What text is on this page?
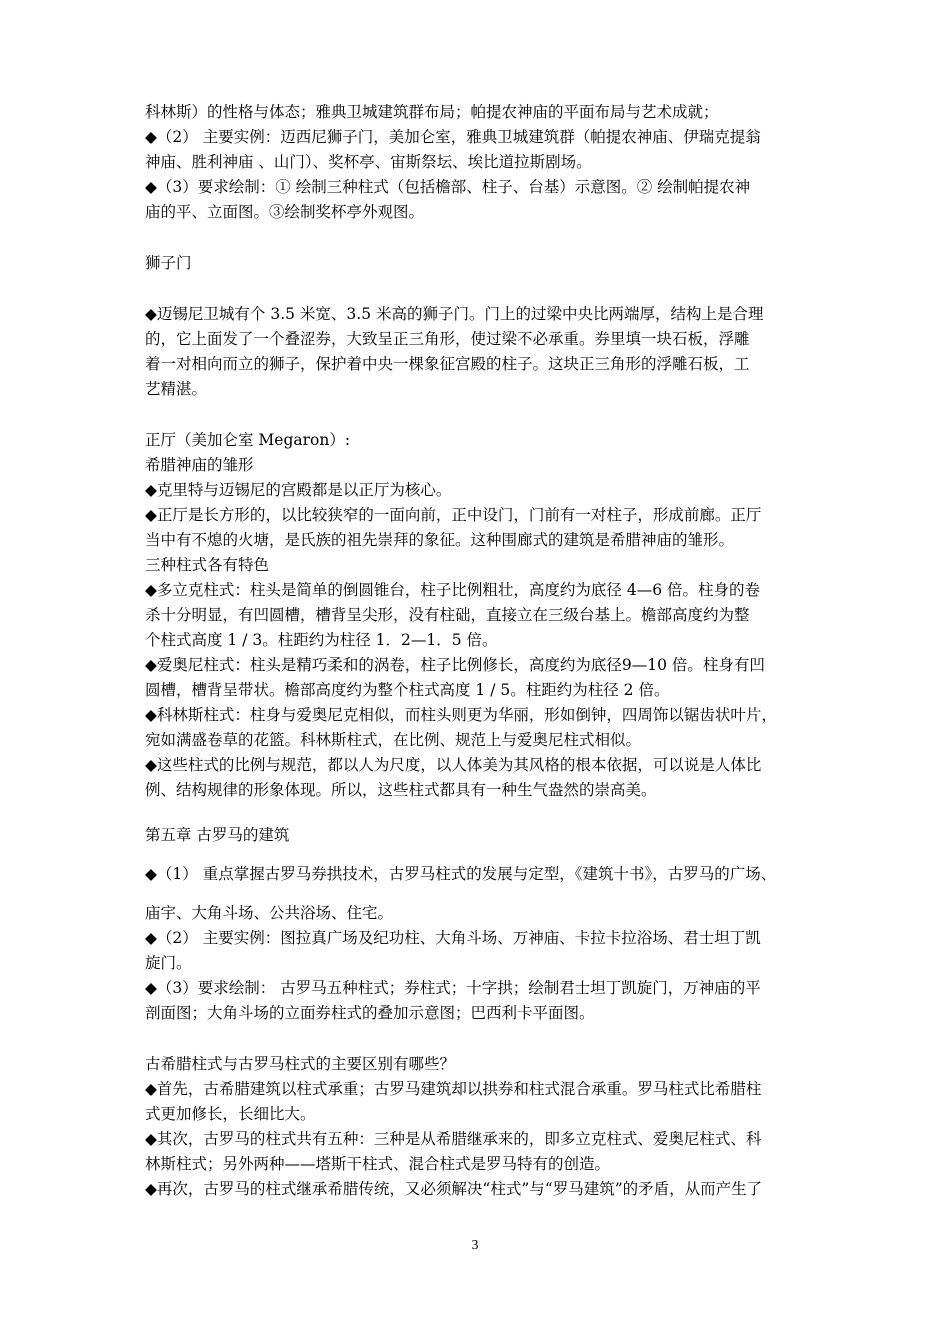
科林斯）的性格与体态；雅典卫城建筑群布局；帕提农神庙的平面布局与艺术成就；
◆（2） 主要实例：迈西尼狮子门，美加仑室，雅典卫城建筑群（帕提农神庙、伊瑞克提翁
神庙、胜利神庙 、山门）、奖杯亭、宙斯祭坛、埃比道拉斯剧场。
◆（3）要求绘制：① 绘制三种柱式（包括檐部、柱子、台基）示意图。② 绘制帕提农神
庙的平、立面图。③绘制奖杯亭外观图。
狮子门
◆迈锡尼卫城有个 3.5 米宽、3.5 米高的狮子门。门上的过梁中央比两端厚，结构上是合理
的，它上面发了一个叠涩券，大致呈正三角形，使过梁不必承重。券里填一块石板，浮雕
着一对相向而立的狮子，保护着中央一棵象征宫殿的柱子。这块正三角形的浮雕石板，工
艺精湛。
正厅（美加仑室 Megaron）:
希腊神庙的雏形
◆克里特与迈锡尼的宫殿都是以正厅为核心。
◆正厅是长方形的，以比较狭窄的一面向前，正中设门，门前有一对柱子，形成前廊。正厅
当中有不熄的火塘，是氏族的祖先崇拜的象征。这种围廊式的建筑是希腊神庙的雏形。
三种柱式各有特色
◆多立克柱式：柱头是简单的倒圆锥台，柱子比例粗壮，高度约为底径 4—6 倍。柱身的卷
杀十分明显，有凹圆槽，槽背呈尖形，没有柱础，直接立在三级台基上。檐部高度约为整
个柱式高度 1 / 3。柱距约为柱径 1．2—1．5 倍。
◆爱奥尼柱式：柱头是精巧柔和的涡卷，柱子比例修长，高度约为底径9—10 倍。柱身有凹
圆槽，槽背呈带状。檐部高度约为整个柱式高度 1 / 5。柱距约为柱径 2 倍。
◆科林斯柱式：柱身与爱奥尼克相似，而柱头则更为华丽，形如倒钟，四周饰以锯齿状叶片，
宛如满盛卷草的花篮。科林斯柱式，在比例、规范上与爱奥尼柱式相似。
◆这些柱式的比例与规范，都以人为尺度，以人体美为其风格的根本依据，可以说是人体比
例、结构规律的形象体现。所以，这些柱式都具有一种生气盎然的崇高美。
第五章 古罗马的建筑
◆（1） 重点掌握古罗马券拱技术，古罗马柱式的发展与定型，《建筑十书》，古罗马的广场、
庙宇、大角斗场、公共浴场、住宅。
◆（2） 主要实例：图拉真广场及纪功柱、大角斗场、万神庙、卡拉卡拉浴场、君士坦丁凯
旋门。
◆（3）要求绘制： 古罗马五种柱式；券柱式；十字拱；绘制君士坦丁凯旋门，万神庙的平
剖面图；大角斗场的立面券柱式的叠加示意图；巴西利卡平面图。
古希腊柱式与古罗马柱式的主要区别有哪些？
◆首先，古希腊建筑以柱式承重；古罗马建筑却以拱券和柱式混合承重。罗马柱式比希腊柱
式更加修长，长细比大。
◆其次，古罗马的柱式共有五种：三种是从希腊继承来的，即多立克柱式、爱奥尼柱式、科
林斯柱式；另外两种——塔斯干柱式、混合柱式是罗马特有的创造。
◆再次，古罗马的柱式继承希腊传统，又必须解决“柱式”与“罗马建筑”的矛盾，从而产生了
3
